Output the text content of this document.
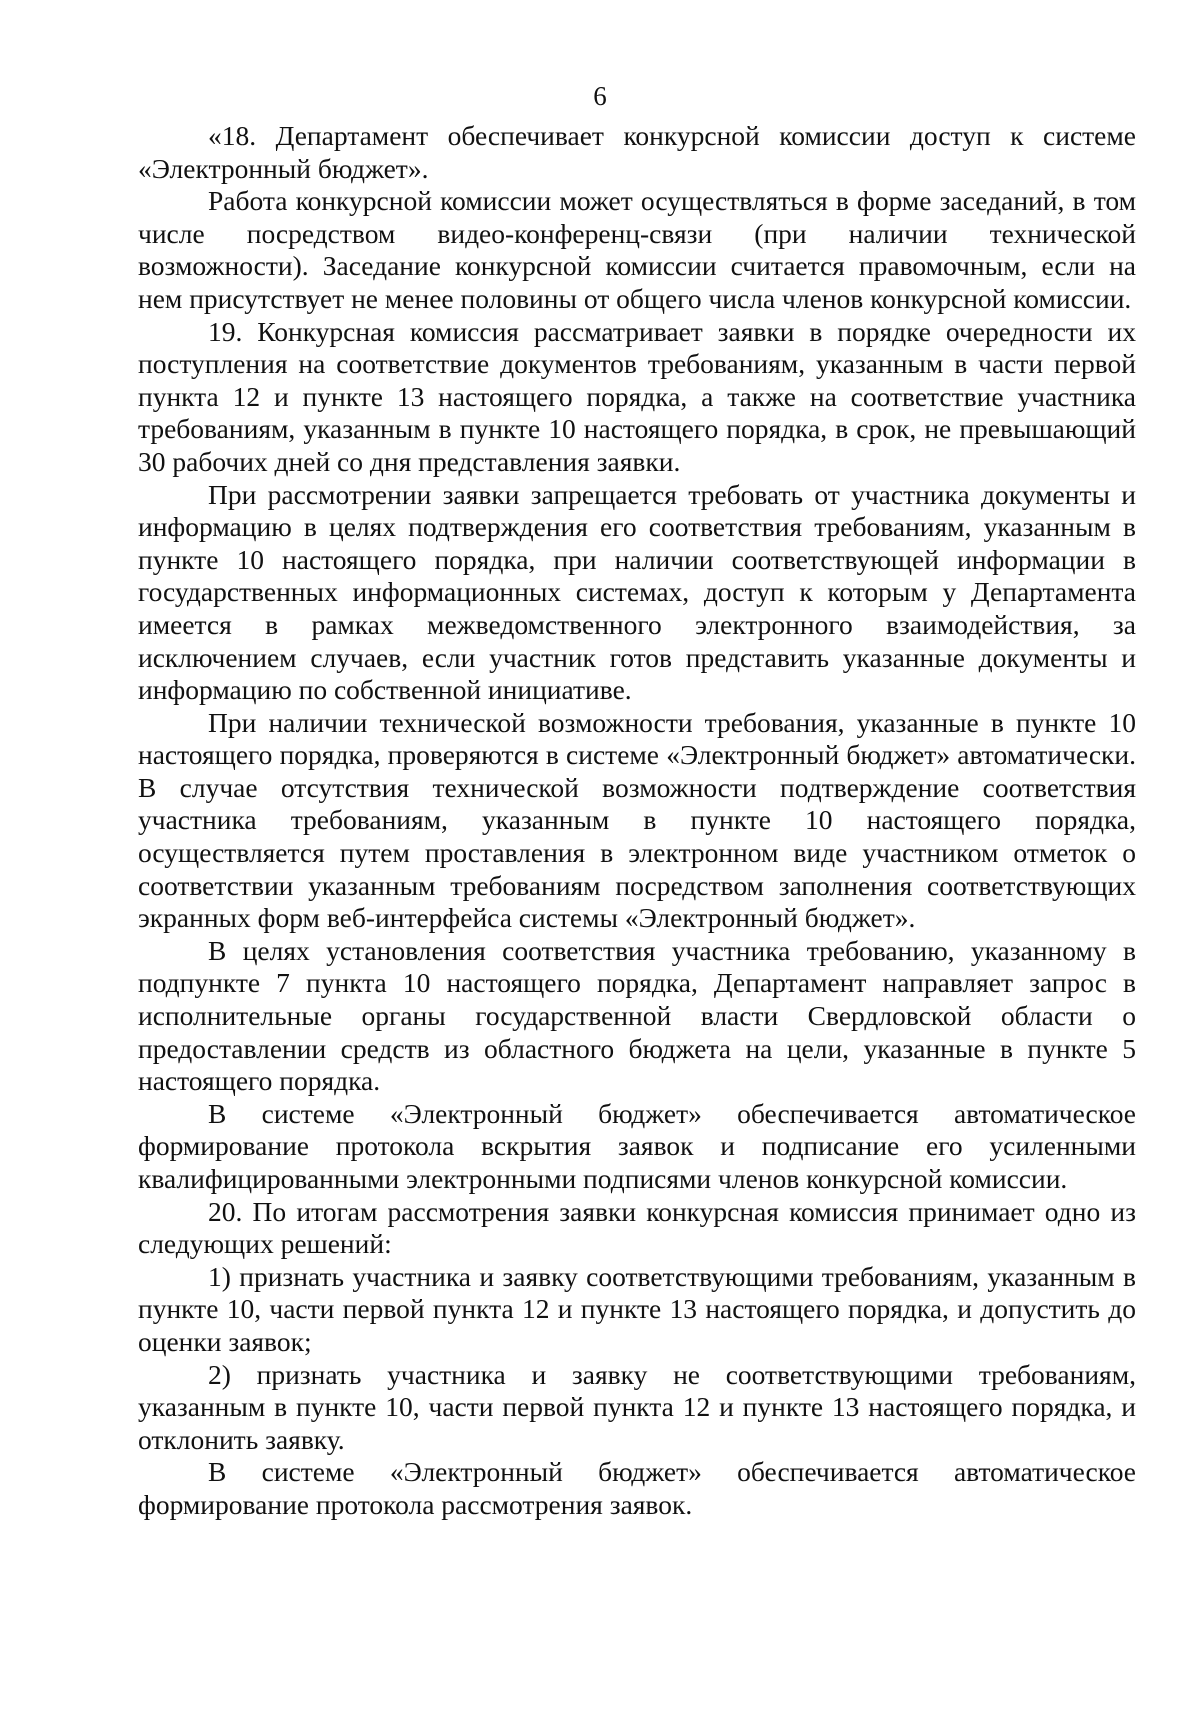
6

«18. Департамент обеспечивает конкурсной комиссии доступ к системе «Электронный бюджет».

Работа конкурсной комиссии может осуществляться в форме заседаний, в том числе посредством видео-конференц-связи (при наличии технической возможности). Заседание конкурсной комиссии считается правомочным, если на нем присутствует не менее половины от общего числа членов конкурсной комиссии.

19. Конкурсная комиссия рассматривает заявки в порядке очередности их поступления на соответствие документов требованиям, указанным в части первой пункта 12 и пункте 13 настоящего порядка, а также на соответствие участника требованиям, указанным в пункте 10 настоящего порядка, в срок, не превышающий 30 рабочих дней со дня представления заявки.

При рассмотрении заявки запрещается требовать от участника документы и информацию в целях подтверждения его соответствия требованиям, указанным в пункте 10 настоящего порядка, при наличии соответствующей информации в государственных информационных системах, доступ к которым у Департамента имеется в рамках межведомственного электронного взаимодействия, за исключением случаев, если участник готов представить указанные документы и информацию по собственной инициативе.

При наличии технической возможности требования, указанные в пункте 10 настоящего порядка, проверяются в системе «Электронный бюджет» автоматически. В случае отсутствия технической возможности подтверждение соответствия участника требованиям, указанным в пункте 10 настоящего порядка, осуществляется путем проставления в электронном виде участником отметок о соответствии указанным требованиям посредством заполнения соответствующих экранных форм веб-интерфейса системы «Электронный бюджет».

В целях установления соответствия участника требованию, указанному в подпункте 7 пункта 10 настоящего порядка, Департамент направляет запрос в исполнительные органы государственной власти Свердловской области о предоставлении средств из областного бюджета на цели, указанные в пункте 5 настоящего порядка.

В системе «Электронный бюджет» обеспечивается автоматическое формирование протокола вскрытия заявок и подписание его усиленными квалифицированными электронными подписями членов конкурсной комиссии.

20. По итогам рассмотрения заявки конкурсная комиссия принимает одно из следующих решений:

1) признать участника и заявку соответствующими требованиям, указанным в пункте 10, части первой пункта 12 и пункте 13 настоящего порядка, и допустить до оценки заявок;

2) признать участника и заявку не соответствующими требованиям, указанным в пункте 10, части первой пункта 12 и пункте 13 настоящего порядка, и отклонить заявку.

В системе «Электронный бюджет» обеспечивается автоматическое формирование протокола рассмотрения заявок.
